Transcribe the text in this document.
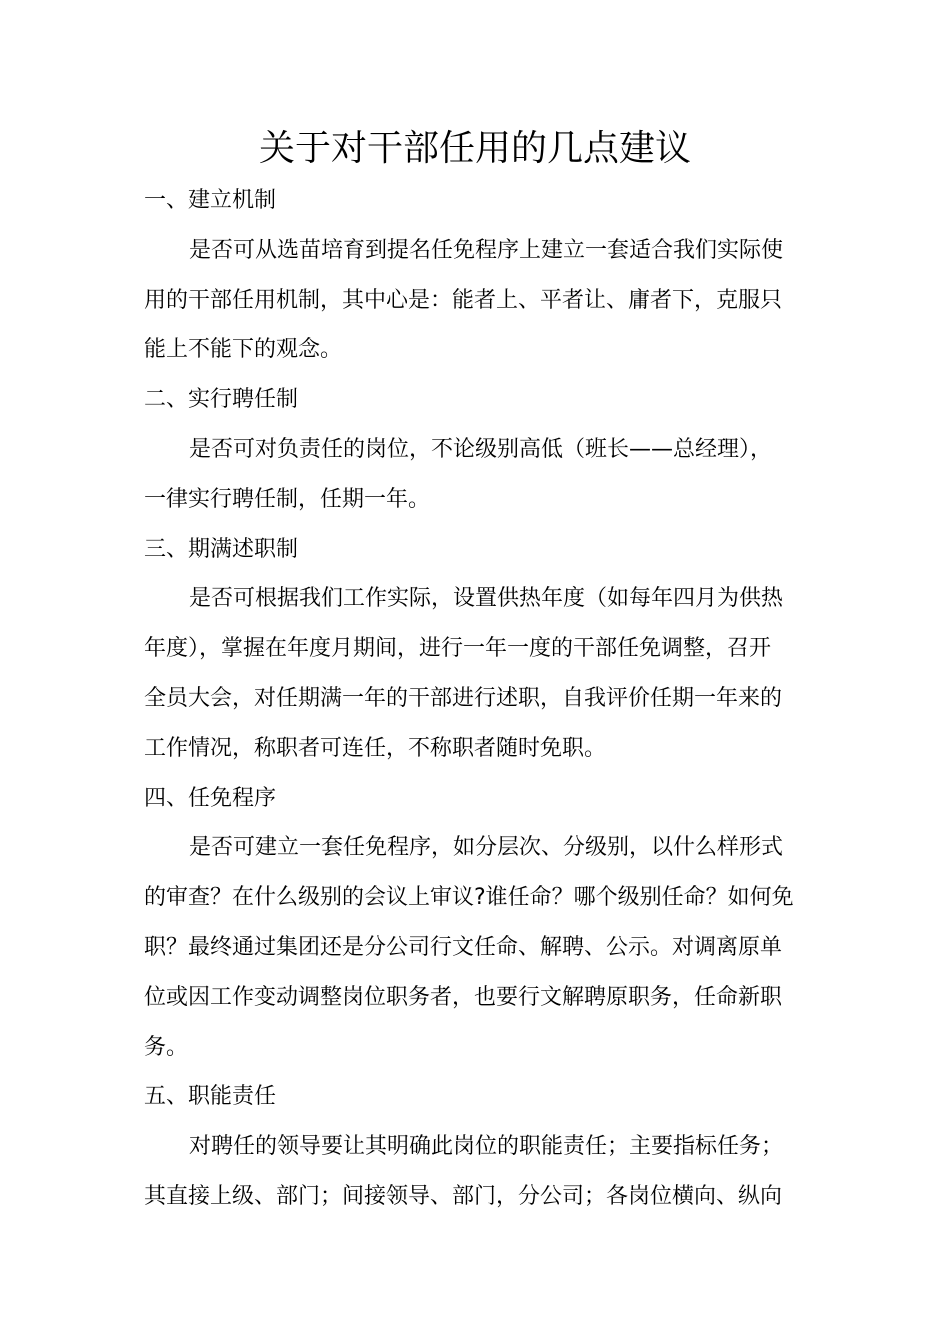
关于对干部任用的几点建议
一、建立机制

是否可从选苗培育到提名任免程序上建立一套适合我们实际使
用的干部任用机制，其中心是：能者上、平者让、庸者下，克服只
能上不能下的观念。

二、实行聘任制

是否可对负责任的岗位，不论级别高低（班长——总经理），
一律实行聘任制，任期一年。

三、期满述职制

是否可根据我们工作实际，设置供热年度（如每年四月为供热
年度），掌握在年度月期间，进行一年一度的干部任免调整，召开
全员大会，对任期满一年的干部进行述职，自我评价任期一年来的
工作情况，称职者可连任，不称职者随时免职。

四、任免程序

是否可建立一套任免程序，如分层次、分级别，以什么样形式
的审查？在什么级别的会议上审议?谁任命？哪个级别任命？如何免
职？最终通过集团还是分公司行文任命、解聘、公示。对调离原单
位或因工作变动调整岗位职务者，也要行文解聘原职务，任命新职
务。

五、职能责任

对聘任的领导要让其明确此岗位的职能责任；主要指标任务；
其直接上级、部门；间接领导、部门，分公司；各岗位横向、纵向
